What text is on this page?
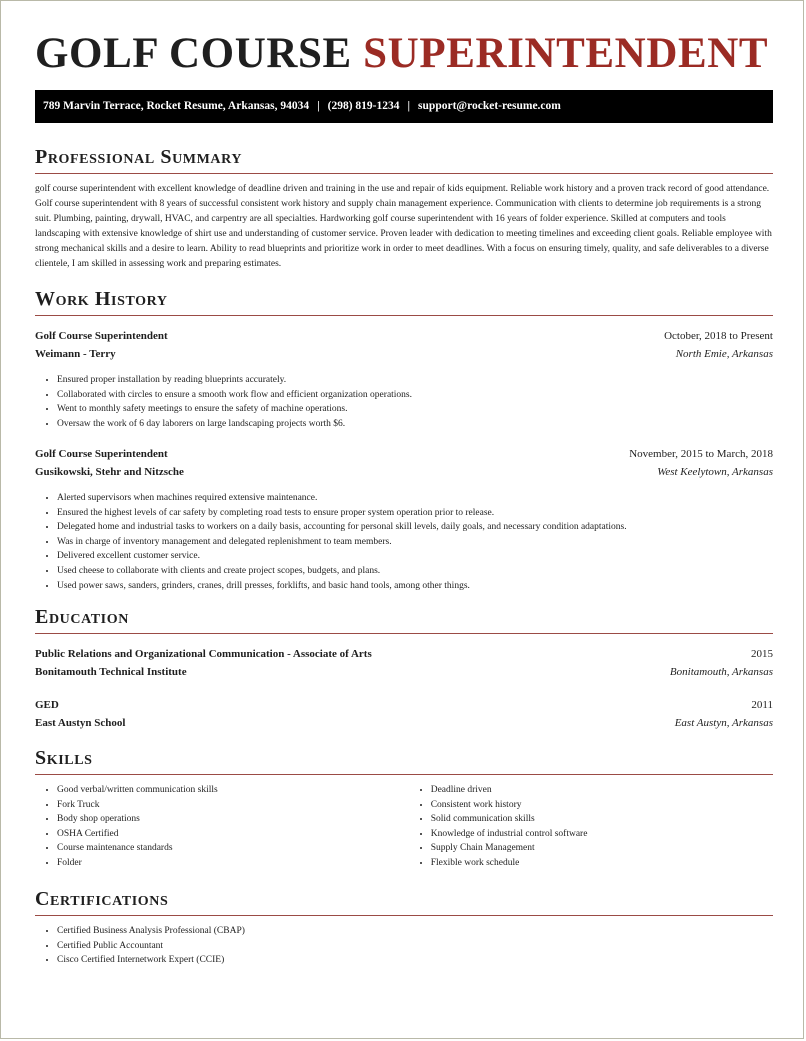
GOLF COURSE SUPERINTENDENT
789 Marvin Terrace, Rocket Resume, Arkansas, 94034 | (298) 819-1234 | support@rocket-resume.com
Professional Summary
golf course superintendent with excellent knowledge of deadline driven and training in the use and repair of kids equipment. Reliable work history and a proven track record of good attendance. Golf course superintendent with 8 years of successful consistent work history and supply chain management experience. Communication with clients to determine job requirements is a strong suit. Plumbing, painting, drywall, HVAC, and carpentry are all specialties. Hardworking golf course superintendent with 16 years of folder experience. Skilled at computers and tools landscaping with extensive knowledge of shirt use and understanding of customer service. Proven leader with dedication to meeting timelines and exceeding client goals. Reliable employee with strong mechanical skills and a desire to learn. Ability to read blueprints and prioritize work in order to meet deadlines. With a focus on ensuring timely, quality, and safe deliverables to a diverse clientele, I am skilled in assessing work and preparing estimates.
Work History
Golf Course Superintendent	October, 2018 to Present
Weimann - Terry	North Emie, Arkansas
• Ensured proper installation by reading blueprints accurately.
• Collaborated with circles to ensure a smooth work flow and efficient organization operations.
• Went to monthly safety meetings to ensure the safety of machine operations.
• Oversaw the work of 6 day laborers on large landscaping projects worth $6.
Golf Course Superintendent	November, 2015 to March, 2018
Gusikowski, Stehr and Nitzsche	West Keelytown, Arkansas
• Alerted supervisors when machines required extensive maintenance.
• Ensured the highest levels of car safety by completing road tests to ensure proper system operation prior to release.
• Delegated home and industrial tasks to workers on a daily basis, accounting for personal skill levels, daily goals, and necessary condition adaptations.
• Was in charge of inventory management and delegated replenishment to team members.
• Delivered excellent customer service.
• Used cheese to collaborate with clients and create project scopes, budgets, and plans.
• Used power saws, sanders, grinders, cranes, drill presses, forklifts, and basic hand tools, among other things.
Education
Public Relations and Organizational Communication - Associate of Arts	2015
Bonitamouth Technical Institute	Bonitamouth, Arkansas
GED	2011
East Austyn School	East Austyn, Arkansas
Skills
• Good verbal/written communication skills
• Fork Truck
• Body shop operations
• OSHA Certified
• Course maintenance standards
• Folder
• Deadline driven
• Consistent work history
• Solid communication skills
• Knowledge of industrial control software
• Supply Chain Management
• Flexible work schedule
Certifications
• Certified Business Analysis Professional (CBAP)
• Certified Public Accountant
• Cisco Certified Internetwork Expert (CCIE)
